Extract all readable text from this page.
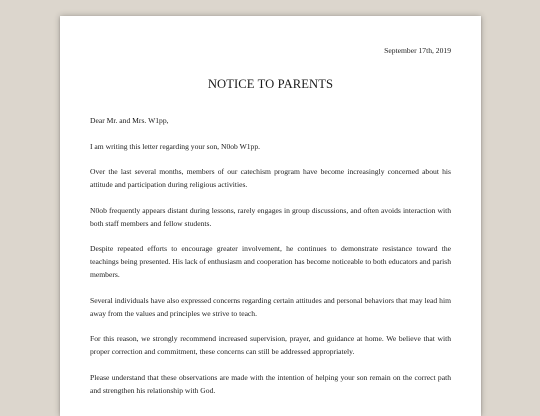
September 17th, 2019
NOTICE TO PARENTS

Dear Mr. and Mrs. W1pp,

I am writing this letter regarding your son, N0ob W1pp.

Over the last several months, members of our catechism program have become increasingly concerned about his attitude and participation during religious activities.

N0ob frequently appears distant during lessons, rarely engages in group discussions, and often avoids interaction with both staff members and fellow students.

Despite repeated efforts to encourage greater involvement, he continues to demonstrate resistance toward the teachings being presented. His lack of enthusiasm and cooperation has become noticeable to both educators and parish members.

Several individuals have also expressed concerns regarding certain attitudes and personal behaviors that may lead him away from the values and principles we strive to teach.

For this reason, we strongly recommend increased supervision, prayer, and guidance at home. We believe that with proper correction and commitment, these concerns can still be addressed appropriately.

Please understand that these observations are made with the intention of helping your son remain on the correct path and strengthen his relationship with God.
